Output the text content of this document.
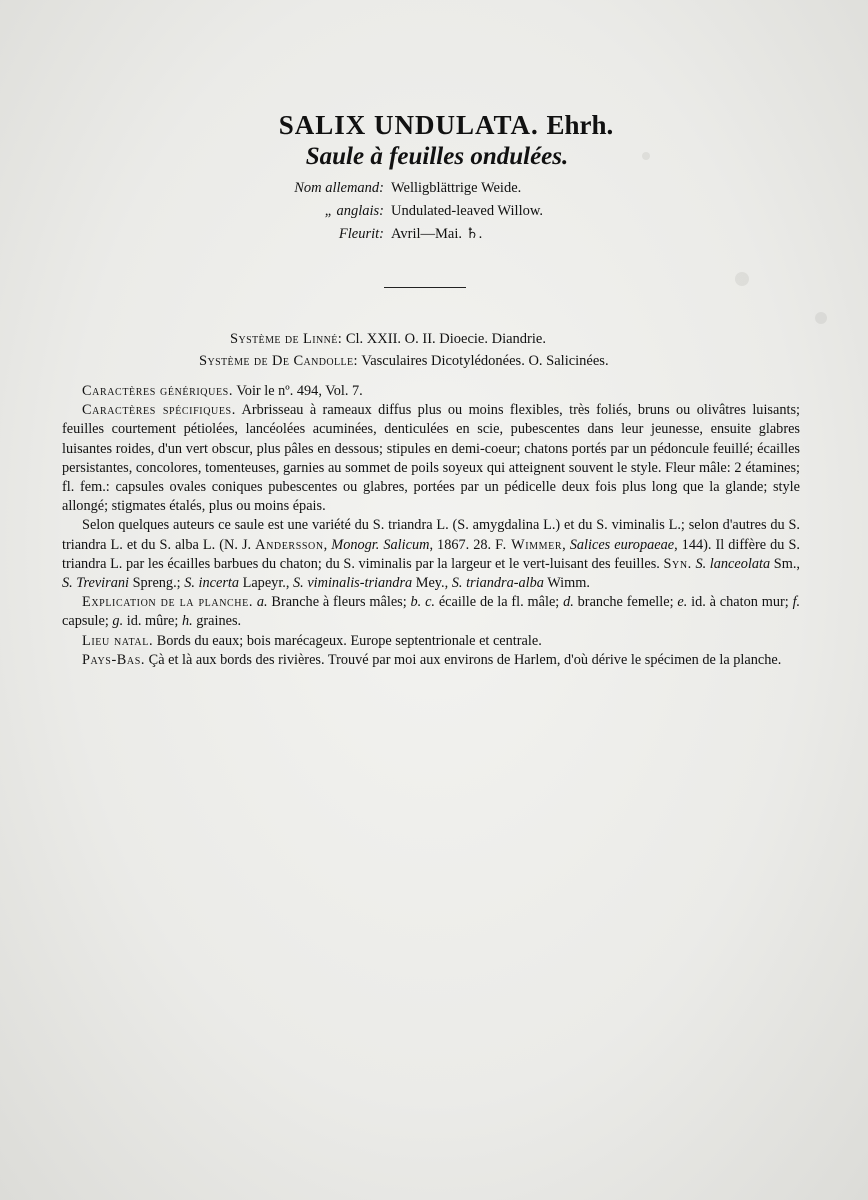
SALIX UNDULATA. Ehrh.
Saule à feuilles ondulées.
Nom allemand: Welligblättrige Weide.
„ anglais: Undulated-leaved Willow.
Fleurit: Avril—Mai. ♄.
Système de Linné: Cl. XXII. O. II. Dioecie. Diandrie.
Système de De Candolle: Vasculaires Dicotylédonées. O. Salicinées.

Caractères génériques. Voir le nº. 494, Vol. 7.

Caractères spécifiques. Arbrisseau à rameaux diffus plus ou moins flexibles, très foliés, bruns ou olivâtres luisants; feuilles courtement pétiolées, lancéolées acuminées, denticulées en scie, pubescentes dans leur jeunesse, ensuite glabres luisantes roides, d'un vert obscur, plus pâles en dessous; stipules en demi-coeur; chatons portés par un pédoncule feuillé; écailles persistantes, concolores, tomenteuses, garnies au sommet de poils soyeux qui atteignent souvent le style. Fleur mâle: 2 étamines; fl. fem.: capsules ovales coniques pubescentes ou glabres, portées par un pédicelle deux fois plus long que la glande; style allongé; stigmates étalés, plus ou moins épais.

Selon quelques auteurs ce saule est une variété du S. triandra L. (S. amygdalina L.) et du S. viminalis L.; selon d'autres du S. triandra L. et du S. alba L. (N. J. Andersson, Monogr. Salicum, 1867. 28. F. Wimmer, Salices europaeae, 144). Il diffère du S. triandra L. par les écailles barbues du chaton; du S. viminalis par la largeur et le vert-luisant des feuilles. Syn. S. lanceolata Sm., S. Trevirani Spreng.; S. incerta Lapeyr., S. viminalis-triandra Mey., S. triandra-alba Wimm.

Explication de la planche. a. Branche à fleurs mâles; b. c. écaille de la fl. mâle; d. branche femelle; e. id. à chaton mur; f. capsule; g. id. mûre; h. graines.

Lieu natal. Bords du eaux; bois marécageux. Europe septentrionale et centrale.

Pays-Bas. Çà et là aux bords des rivières. Trouvé par moi aux environs de Harlem, d'où dérive le spécimen de la planche.
